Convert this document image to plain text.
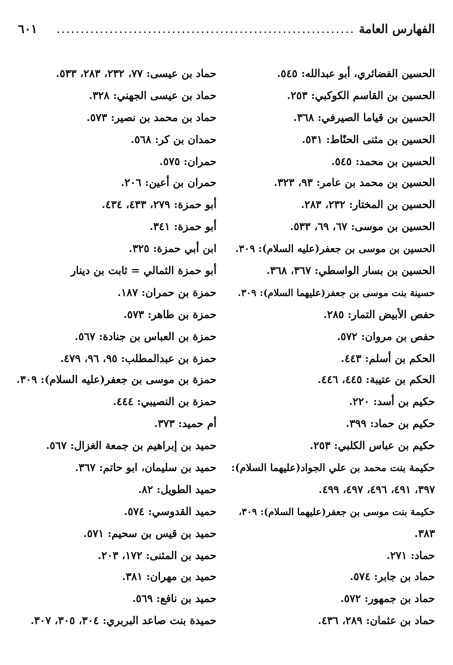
الفهارس العامة
..............................................................
٦٠١
الحسين الفضائري، أبو عبدالله: ٥٤٥.
الحسين بن القاسم الكوكبي: ٢٥٣.
الحسين بن قياما الصيرفي: ٣٦٨.
الحسين بن مثنى الحنّاط: ٥٣١.
الحسين بن محمد: ٥٤٥.
الحسين بن محمد بن عامر: ٩٣، ٣٢٣.
الحسين بن المختار: ٢٣٢، ٢٨٣.
الحسين بن موسى: ٦٧، ٦٩، ٥٣٣.
الحسين بن موسى بن جعفر(عليه السلام): ٣٠٩.
الحسين بن بسار الواسطي: ٣٦٧، ٣٦٨.
حسينة بنت موسى بن جعفر(عليهما السلام): ٣٠٩.
حفص الأبيض التمار: ٢٨٥.
حفص بن مروان: ٥٧٢.
الحكم بن أسلم: ٤٤٣.
الحكم بن عتيبة: ٤٤٥، ٤٤٦.
حكيم بن أسد: ٢٢٠.
حكيم بن حماد: ٣٩٩.
حكيم بن عباس الكلبي: ٢٥٣.
حكيمة بنت محمد بن علي الجواد(عليهما السلام):
٣٩٧، ٤٩١، ٤٩٦، ٤٩٧، ٤٩٩.
حكيمة بنت موسى بن جعفر(عليهما السلام): ٣٠٩،
٣٨٣.
حماد: ٢٧١.
حماد بن جابر: ٥٧٤.
حماد بن جمهور: ٥٧٢.
حماد بن عثمان: ٢٨٩، ٤٣٦.
حماد بن عيسى: ٧٧، ٢٣٢، ٢٨٣، ٥٣٣.
حماد بن عيسى الجهني: ٣٢٨.
حماد بن محمد بن نصير: ٥٧٣.
حمدان بن كر: ٥٦٨.
حمران: ٥٧٥.
حمران بن أعين: ٢٠٦.
أبو حمزة: ٢٧٩، ٤٣٣، ٤٣٤.
أبو حمزة: ٣٤١.
ابن أبي حمزة: ٣٢٥.
أبو حمزة الثمالي = ثابت بن دينار
حمزة بن حمران: ١٨٧.
حمزة بن طاهر: ٥٧٣.
حمزة بن العباس بن جنادة: ٥٦٧.
حمزة بن عبدالمطلب: ٩٥، ٩٦، ٤٧٩.
حمزة بن موسى بن جعفر(عليه السلام): ٣٠٩.
حمزة بن النصيبي: ٤٤٤.
أم حميد: ٣٧٣.
حميد بن إبراهيم بن جمعة الغزال: ٥٦٧.
حميد بن سليمان، ابو حاتم: ٣٦٧.
حميد الطويل: ٨٢.
حميد القدوسي: ٥٧٤.
حميد بن قيس بن سحيم: ٥٧١.
حميد بن المثنى: ١٧٢، ٢٠٣.
حميد بن مهران: ٣٨١.
حميد بن نافع: ٥٦٩.
حميدة بنت صاعد البربري: ٣٠٤، ٣٠٥، ٣٠٧.
